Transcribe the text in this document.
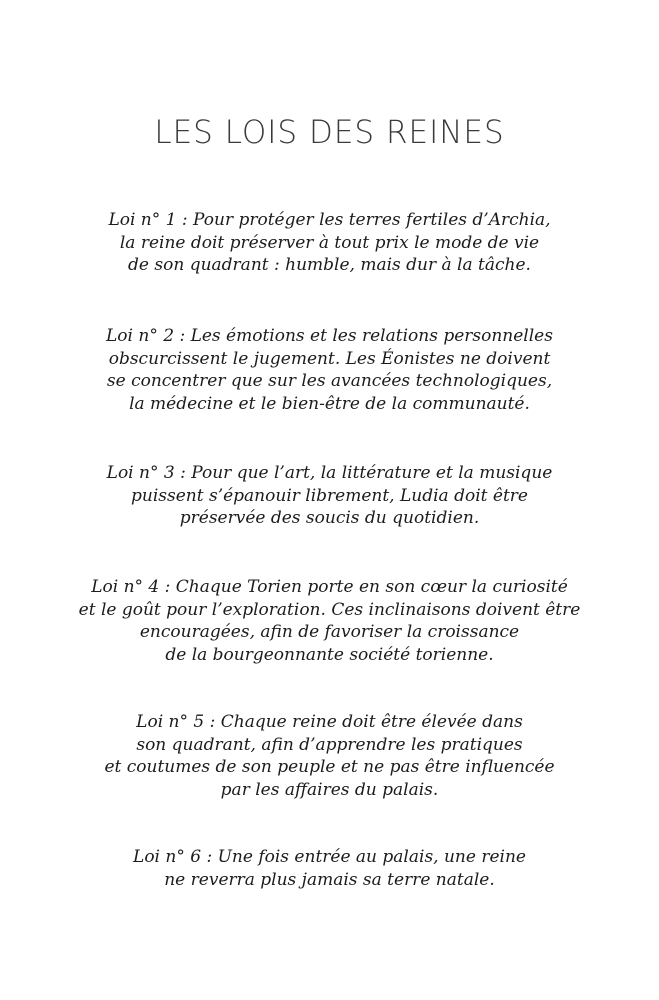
LES LOIS DES REINES

Loi n° 1 : Pour protéger les terres fertiles d’Archia,
la reine doit préserver à tout prix le mode de vie
de son quadrant : humble, mais dur à la tâche.

Loi n° 2 : Les émotions et les relations personnelles
obscurcissent le jugement. Les Éonistes ne doivent
se concentrer que sur les avancées technologiques,
la médecine et le bien-être de la communauté.

Loi n° 3 : Pour que l’art, la littérature et la musique
puissent s’épanouir librement, Ludia doit être
préservée des soucis du quotidien.

Loi n° 4 : Chaque Torien porte en son cœur la curiosité
et le goût pour l’exploration. Ces inclinaisons doivent être
encouragées, afin de favoriser la croissance
de la bourgeonnante société torienne.

Loi n° 5 : Chaque reine doit être élevée dans
son quadrant, afin d’apprendre les pratiques
et coutumes de son peuple et ne pas être influencée
par les affaires du palais.

Loi n° 6 : Une fois entrée au palais, une reine
ne reverra plus jamais sa terre natale.
